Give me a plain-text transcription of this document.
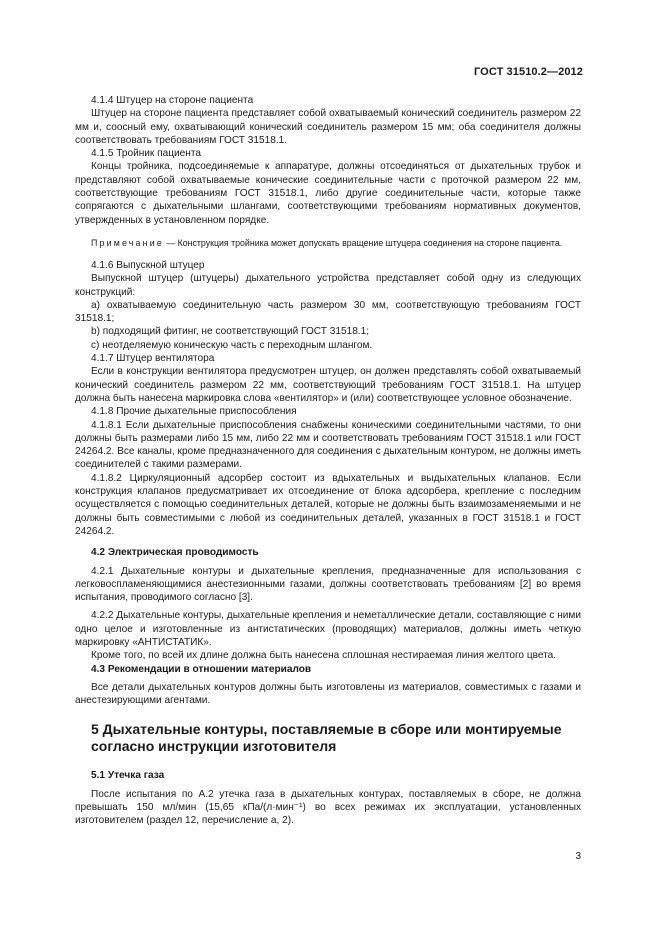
ГОСТ 31510.2—2012

4.1.4 Штуцер на стороне пациента

Штуцер на стороне пациента представляет собой охватываемый конический соединитель размером 22 мм и, соосный ему, охватывающий конический соединитель размером 15 мм; оба соединителя должны соответствовать требованиям ГОСТ 31518.1.

4.1.5 Тройник пациента

Концы тройника, подсоединяемые к аппаратуре, должны отсоединяться от дыхательных трубок и представляют собой охватываемые конические соединительные части с проточкой размером 22 мм, соответствующие требованиям ГОСТ 31518.1, либо другие соединительные части, которые также сопрягаются с дыхательными шлангами, соответствующими требованиям нормативных документов, утвержденных в установленном порядке.

Примечание — Конструкция тройника может допускать вращение штуцера соединения на стороне пациента.

4.1.6 Выпускной штуцер

Выпускной штуцер (штуцеры) дыхательного устройства представляет собой одну из следующих конструкций:

a) охватываемую соединительную часть размером 30 мм, соответствующую требованиям ГОСТ 31518.1;

b) подходящий фитинг, не соответствующий ГОСТ 31518.1;

c) неотделяемую коническую часть с переходным шлангом.

4.1.7 Штуцер вентилятора

Если в конструкции вентилятора предусмотрен штуцер, он должен представлять собой охватываемый конический соединитель размером 22 мм, соответствующий требованиям ГОСТ 31518.1. На штуцер должна быть нанесена маркировка слова «вентилятор» и (или) соответствующее условное обозначение.

4.1.8 Прочие дыхательные приспособления

4.1.8.1 Если дыхательные приспособления снабжены коническими соединительными частями, то они должны быть размерами либо 15 мм, либо 22 мм и соответствовать требованиям ГОСТ 31518.1 или ГОСТ 24264.2. Все каналы, кроме предназначенного для соединения с дыхательным контуром, не должны иметь соединителей с такими размерами.

4.1.8.2 Циркуляционный адсорбер состоит из вдыхательных и выдыхательных клапанов. Если конструкция клапанов предусматривает их отсоединение от блока адсорбера, крепление с последним осуществляется с помощью соединительных деталей, которые не должны быть взаимозаменяемыми и не должны быть совместимыми с любой из соединительных деталей, указанных в ГОСТ 31518.1 и ГОСТ 24264.2.

4.2 Электрическая проводимость

4.2.1 Дыхательные контуры и дыхательные крепления, предназначенные для использования с легковоспламеняющимися анестезионными газами, должны соответствовать требованиям [2] во время испытания, проводимого согласно [3].

4.2.2 Дыхательные контуры, дыхательные крепления и неметаллические детали, составляющие с ними одно целое и изготовленные из антистатических (проводящих) материалов, должны иметь четкую маркировку «АНТИСТАТИК».

Кроме того, по всей их длине должна быть нанесена сплошная нестираемая линия желтого цвета.

4.3 Рекомендации в отношении материалов

Все детали дыхательных контуров должны быть изготовлены из материалов, совместимых с газами и анестезирующими агентами.

5 Дыхательные контуры, поставляемые в сборе или монтируемые согласно инструкции изготовителя

5.1 Утечка газа

После испытания по А.2 утечка газа в дыхательных контурах, поставляемых в сборе, не должна превышать 150 мл/мин (15,65 кПа/(л·мин⁻¹) во всех режимах их эксплуатации, установленных изготовителем (раздел 12, перечисление a, 2).

3
